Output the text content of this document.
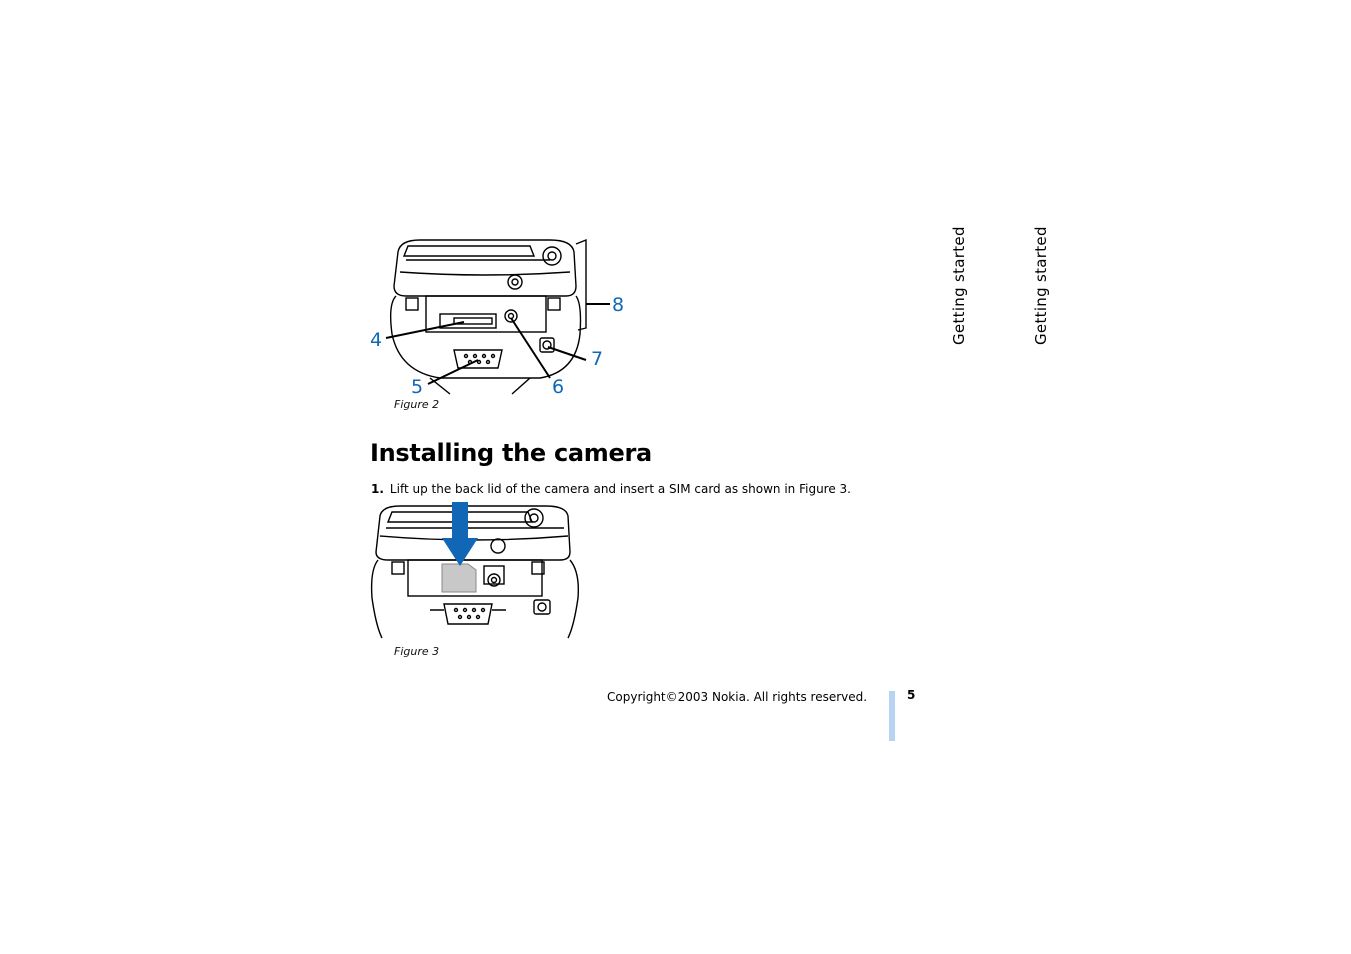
4
5	6
7
8
Figure 2
Installing the camera
1. Lift up the back lid of the camera and insert a SIM card as shown in Figure 3.
Figure 3
Getting started	Getting started
Copyright©2003 Nokia. All rights reserved.	5
